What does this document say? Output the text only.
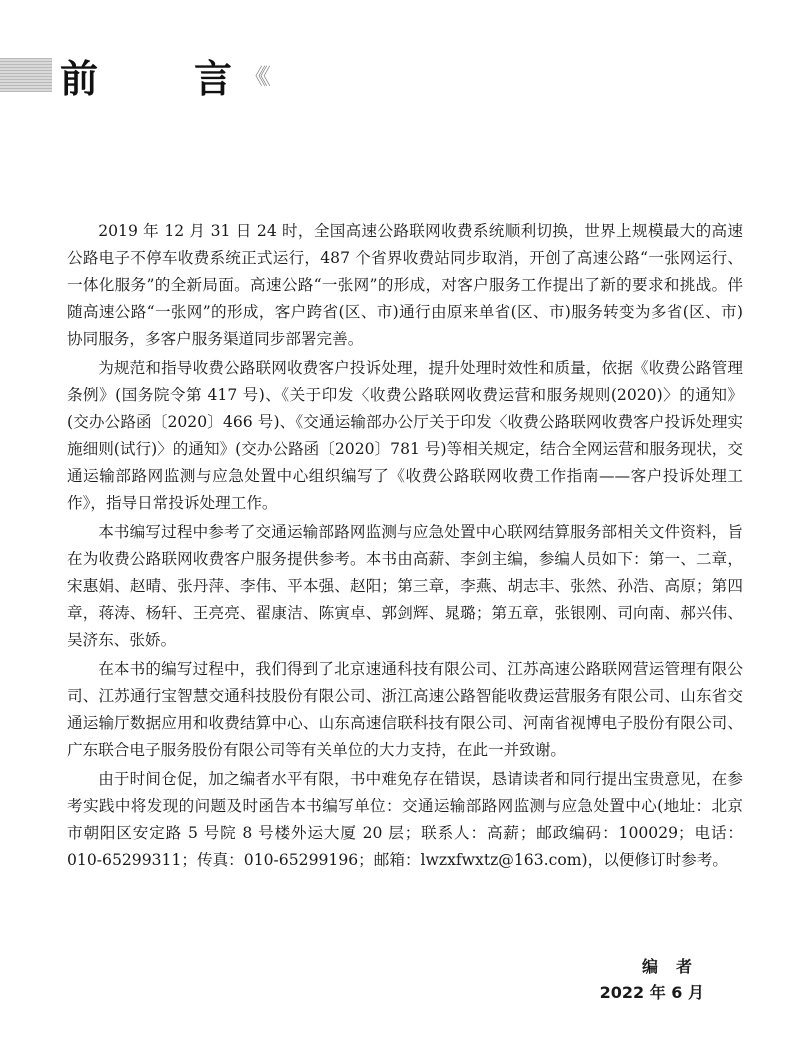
前	言 《《

2019 年 12 月 31 日 24 时，全国高速公路联网收费系统顺利切换，世界上规模最大的高速公路电子不停车收费系统正式运行，487 个省界收费站同步取消，开创了高速公路“一张网运行、一体化服务”的全新局面。高速公路“一张网”的形成，对客户服务工作提出了新的要求和挑战。伴随高速公路“一张网”的形成，客户跨省(区、市)通行由原来单省(区、市)服务转变为多省(区、市)协同服务，多客户服务渠道同步部署完善。

为规范和指导收费公路联网收费客户投诉处理，提升处理时效性和质量，依据《收费公路管理条例》(国务院令第 417 号)、《关于印发〈收费公路联网收费运营和服务规则(2020)〉的通知》(交办公路函〔2020〕466 号)、《交通运输部办公厅关于印发〈收费公路联网收费客户投诉处理实施细则(试行)〉的通知》(交办公路函〔2020〕781 号)等相关规定，结合全网运营和服务现状，交通运输部路网监测与应急处置中心组织编写了《收费公路联网收费工作指南——客户投诉处理工作》，指导日常投诉处理工作。

本书编写过程中参考了交通运输部路网监测与应急处置中心联网结算服务部相关文件资料，旨在为收费公路联网收费客户服务提供参考。本书由高薪、李剑主编，参编人员如下：第一、二章，宋惠娟、赵晴、张丹萍、李伟、平本强、赵阳；第三章，李燕、胡志丰、张然、孙浩、高原；第四章，蒋涛、杨轩、王亮亮、翟康洁、陈寅卓、郭剑辉、晁璐；第五章，张银刚、司向南、郝兴伟、吴济东、张娇。

在本书的编写过程中，我们得到了北京速通科技有限公司、江苏高速公路联网营运管理有限公司、江苏通行宝智慧交通科技股份有限公司、浙江高速公路智能收费运营服务有限公司、山东省交通运输厅数据应用和收费结算中心、山东高速信联科技有限公司、河南省视博电子股份有限公司、广东联合电子服务股份有限公司等有关单位的大力支持，在此一并致谢。

由于时间仓促，加之编者水平有限，书中难免存在错误，恳请读者和同行提出宝贵意见，在参考实践中将发现的问题及时函告本书编写单位：交通运输部路网监测与应急处置中心(地址：北京市朝阳区安定路 5 号院 8 号楼外运大厦 20 层；联系人：高薪；邮政编码：100029；电话：010-65299311；传真：010-65299196；邮箱：lwzxfwxtz@163.com)，以便修订时参考。

编者
2022 年 6 月
